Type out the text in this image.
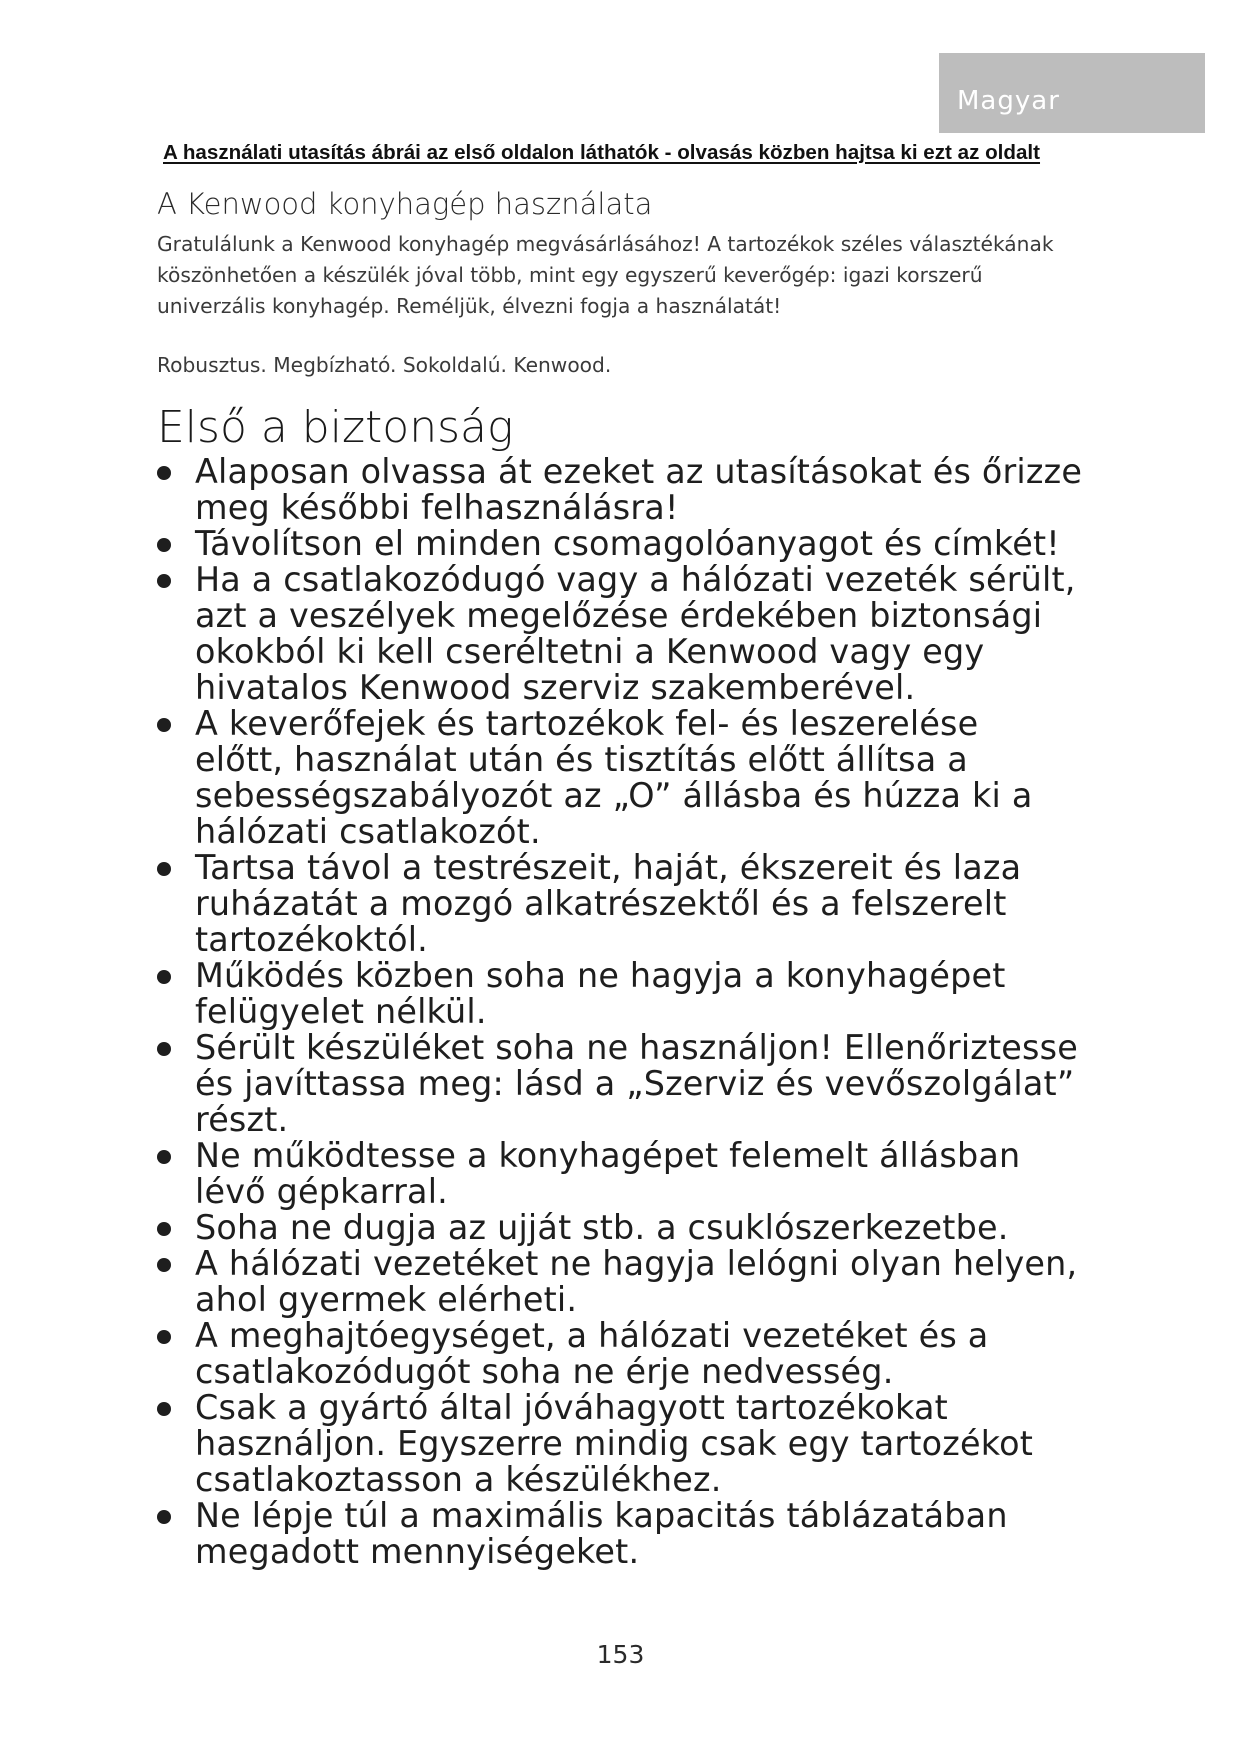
Magyar
A használati utasítás ábrái az első oldalon láthatók - olvasás közben hajtsa ki ezt az oldalt
A Kenwood konyhagép használata

Gratulálunk a Kenwood konyhagép megvásárlásához! A tartozékok széles választékának
köszönhetően a készülék jóval több, mint egy egyszerű keverőgép: igazi korszerű
univerzális konyhagép. Reméljük, élvezni fogja a használatát!

Robusztus. Megbízható. Sokoldalú. Kenwood.
Első a biztonság
Alaposan olvassa át ezeket az utasításokat és őrizze
meg későbbi felhasználásra!
Távolítson el minden csomagolóanyagot és címkét!
Ha a csatlakozódugó vagy a hálózati vezeték sérült,
azt a veszélyek megelőzése érdekében biztonsági
okokból ki kell cseréltetni a Kenwood vagy egy
hivatalos Kenwood szerviz szakemberével.
A keverőfejek és tartozékok fel- és leszerelése
előtt, használat után és tisztítás előtt állítsa a
sebességszabályozót az „O” állásba és húzza ki a
hálózati csatlakozót.
Tartsa távol a testrészeit, haját, ékszereit és laza
ruházatát a mozgó alkatrészektől és a felszerelt
tartozékoktól.
Működés közben soha ne hagyja a konyhagépet
felügyelet nélkül.
Sérült készüléket soha ne használjon! Ellenőriztesse
és javíttassa meg: lásd a „Szerviz és vevőszolgálat”
részt.
Ne működtesse a konyhagépet felemelt állásban
lévő gépkarral.
Soha ne dugja az ujját stb. a csuklószerkezetbe.
A hálózati vezetéket ne hagyja lelógni olyan helyen,
ahol gyermek elérheti.
A meghajtóegységet, a hálózati vezetéket és a
csatlakozódugót soha ne érje nedvesség.
Csak a gyártó által jóváhagyott tartozékokat
használjon. Egyszerre mindig csak egy tartozékot
csatlakoztasson a készülékhez.
Ne lépje túl a maximális kapacitás táblázatában
megadott mennyiségeket.
153
